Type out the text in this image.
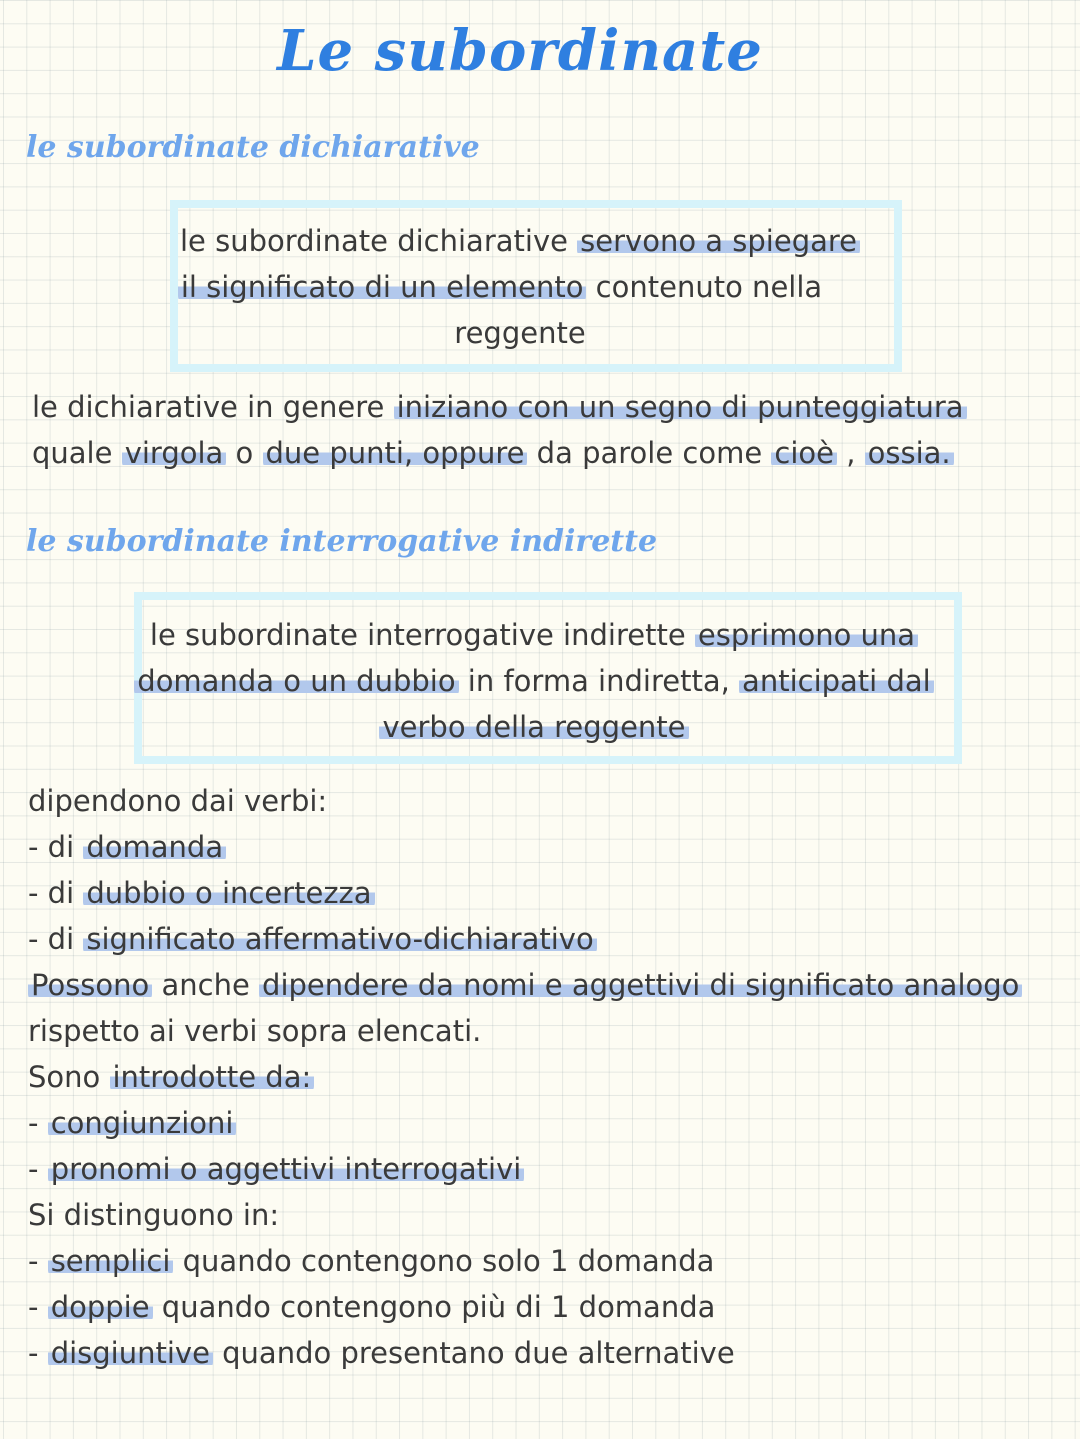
Le subordinate
le subordinate dichiarative
le subordinate dichiarative servono a spiegare
il significato di un elemento contenuto nella
reggente
le dichiarative in genere iniziano con un segno di punteggiatura
quale virgola o due punti, oppure da parole come cioè , ossia.
le subordinate interrogative indirette
le subordinate interrogative indirette esprimono una
domanda o un dubbio in forma indiretta, anticipati dal
verbo della reggente
dipendono dai verbi:
- di domanda
- di dubbio o incertezza
- di significato affermativo-dichiarativo
Possono anche dipendere da nomi e aggettivi di significato analogo
rispetto ai verbi sopra elencati.
Sono introdotte da:
- congiunzioni
- pronomi o aggettivi interrogativi
Si distinguono in:
- semplici quando contengono solo 1 domanda
- doppie quando contengono più di 1 domanda
- disgiuntive quando presentano due alternative
